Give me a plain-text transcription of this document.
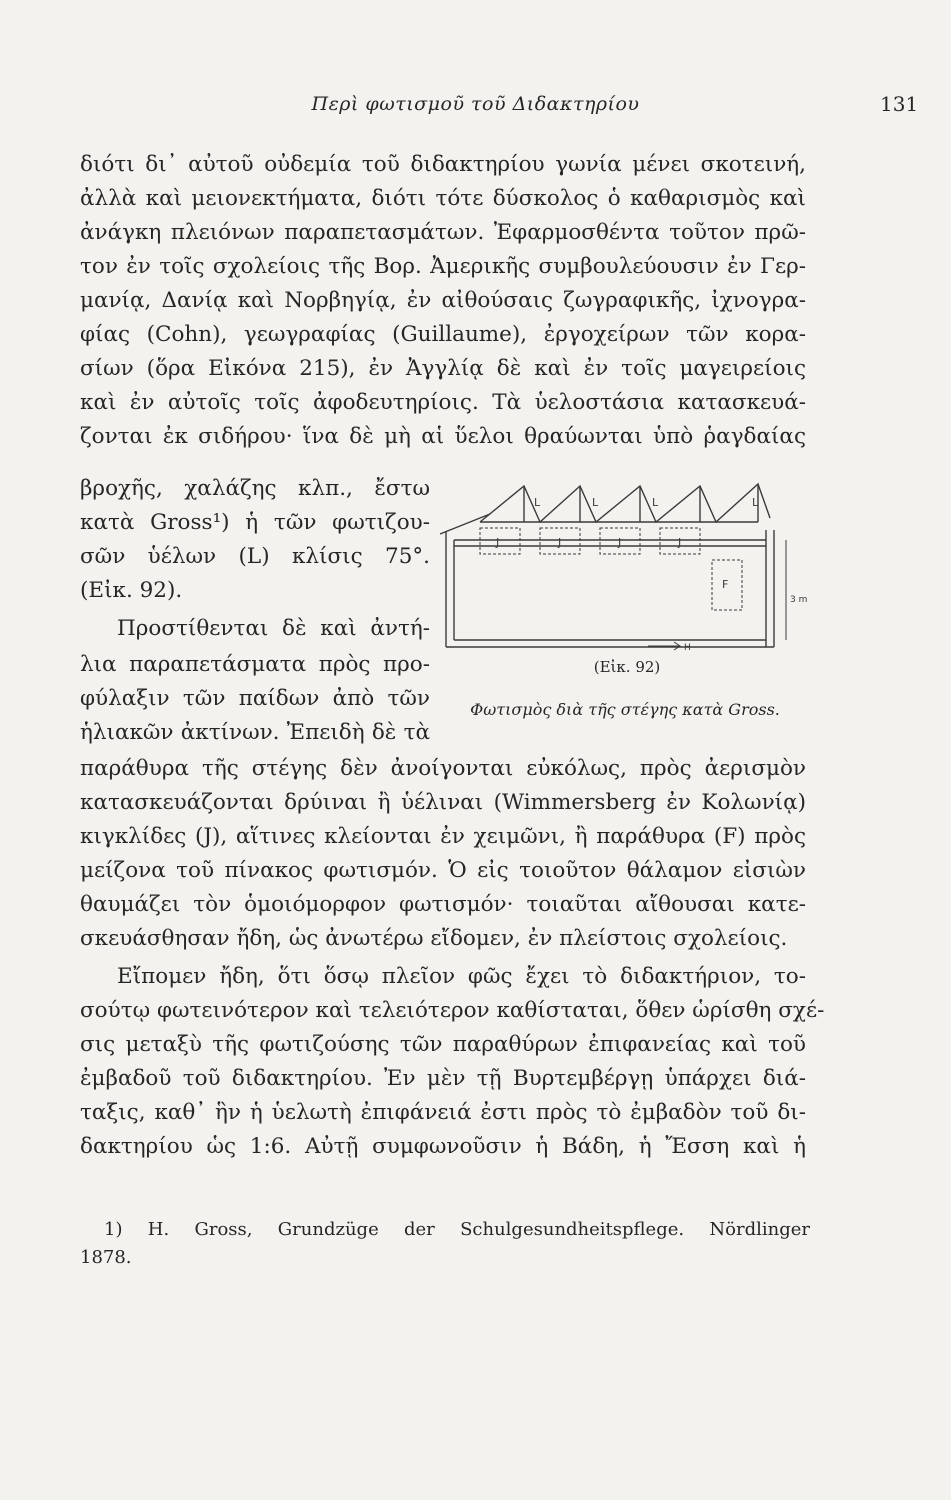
Περὶ φωτισμοῦ τοῦ Διδακτηρίου	131
διότι δι᾽ αὐτοῦ οὐδεμία τοῦ διδακτηρίου γωνία μένει σκοτεινή,
ἀλλὰ καὶ μειονεκτήματα, διότι τότε δύσκολος ὁ καθαρισμὸς καὶ
ἀνάγκη πλειόνων παραπετασμάτων. Ἐφαρμοσθέντα τοῦτον πρῶ-
τον ἐν τοῖς σχολείοις τῆς Βορ. Ἀμερικῆς συμβουλεύουσιν ἐν Γερ-
μανίᾳ, Δανίᾳ καὶ Νορβηγίᾳ, ἐν αἰθούσαις ζωγραφικῆς, ἰχνογρα-
φίας (Cohn), γεωγραφίας (Guillaume), ἐργοχείρων τῶν κορα-
σίων (ὅρα Εἰκόνα 215), ἐν Ἀγγλίᾳ δὲ καὶ ἐν τοῖς μαγειρείοις
καὶ ἐν αὐτοῖς τοῖς ἀφοδευτηρίοις. Τὰ ὑελοστάσια κατασκευά-
ζονται ἐκ σιδήρου· ἵνα δὲ μὴ αἱ ὕελοι θραύωνται ὑπὸ ῥαγδαίας
βροχῆς, χαλάζης κλπ., ἔστω
κατὰ Gross¹) ἡ τῶν φωτιζου-
σῶν ὑέλων (L) κλίσις 75°.
(Εἰκ. 92).
Προστίθενται δὲ καὶ ἀντή-
λια παραπετάσματα πρὸς προ-
φύλαξιν τῶν παίδων ἀπὸ τῶν
ἡλιακῶν ἀκτίνων. Ἐπειδὴ δὲ τὰ
L	L	L	L
J	J	J	J
F
H
3 m
(Εἰκ. 92)
Φωτισμὸς διὰ τῆς στέγης κατὰ Gross.
παράθυρα τῆς στέγης δὲν ἀνοίγονται εὐκόλως, πρὸς ἀερισμὸν
κατασκευάζονται δρύιναι ἢ ὑέλιναι (Wimmersberg ἐν Κολωνίᾳ)
κιγκλίδες (J), αἵτινες κλείονται ἐν χειμῶνι, ἢ παράθυρα (F) πρὸς
μείζονα τοῦ πίνακος φωτισμόν. Ὁ εἰς τοιοῦτον θάλαμον εἰσιὼν
θαυμάζει τὸν ὁμοιόμορφον φωτισμόν· τοιαῦται αἴθουσαι κατε-
σκευάσθησαν ἤδη, ὡς ἀνωτέρω εἴδομεν, ἐν πλείστοις σχολείοις.
Εἴπομεν ἤδη, ὅτι ὅσῳ πλεῖον φῶς ἔχει τὸ διδακτήριον, το-
σούτῳ φωτεινότερον καὶ τελειότερον καθίσταται, ὅθεν ὡρίσθη σχέ-
σις μεταξὺ τῆς φωτιζούσης τῶν παραθύρων ἐπιφανείας καὶ τοῦ
ἐμβαδοῦ τοῦ διδακτηρίου. Ἐν μὲν τῇ Βυρτεμβέργῃ ὑπάρχει διά-
ταξις, καθ᾽ ἣν ἡ ὑελωτὴ ἐπιφάνειά ἐστι πρὸς τὸ ἐμβαδὸν τοῦ δι-
δακτηρίου ὡς 1:6. Αὐτῇ συμφωνοῦσιν ἡ Βάδη, ἡ Ἔσση καὶ ἡ
1) H. Gross, Grundzüge der Schulgesundheitspflege. Nördlinger
1878.
